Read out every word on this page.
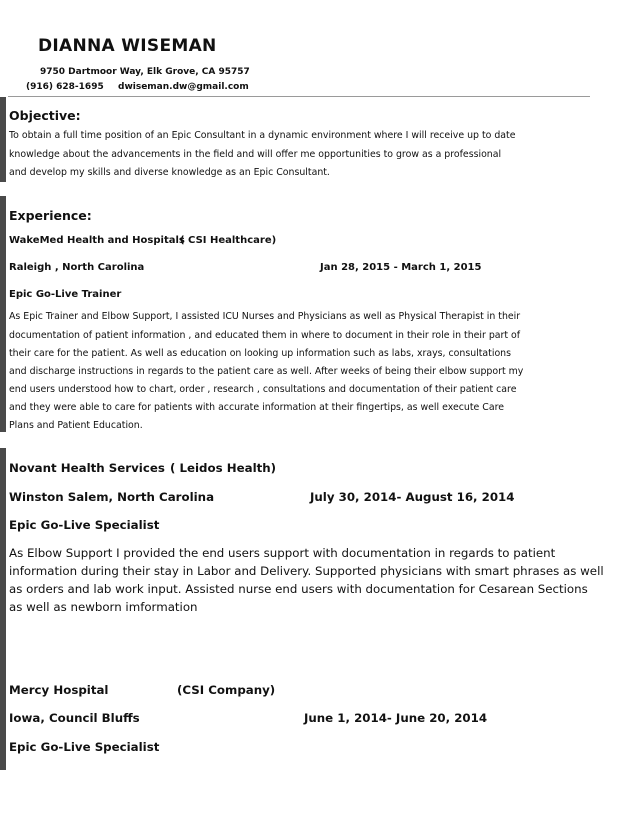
DIANNA WISEMAN
9750 Dartmoor Way, Elk Grove, CA 95757
(916) 628-1695 dwiseman.dw@gmail.com
Objective:
To obtain a full time position of an Epic Consultant in a dynamic environment where I will receive up to date
knowledge about the advancements in the field and will offer me opportunities to grow as a professional
and develop my skills and diverse knowledge as an Epic Consultant.
Experience:
WakeMed Health and Hospitals
( CSI Healthcare)
Raleigh , North Carolina	Jan 28, 2015 - March 1, 2015
Epic Go-Live Trainer
As Epic Trainer and Elbow Support, I assisted ICU Nurses and Physicians as well as Physical Therapist in their
documentation of patient information , and educated them in where to document in their role in their part of
their care for the patient. As well as education on looking up information such as labs, xrays, consultations
and discharge instructions in regards to the patient care as well. After weeks of being their elbow support my
end users understood how to chart, order , research , consultations and documentation of their patient care
and they were able to care for patients with accurate information at their fingertips, as well execute Care
Plans and Patient Education.
Novant Health Services ( Leidos Health)
Winston Salem, North Carolina	July 30, 2014- August 16, 2014
Epic Go-Live Specialist
As Elbow Support I provided the end users support with documentation in regards to patient
information during their stay in Labor and Delivery. Supported physicians with smart phrases as well
as orders and lab work input. Assisted nurse end users with documentation for Cesarean Sections
as well as newborn imformation
Mercy Hospital	(CSI Company)
Iowa, Council Bluffs	June 1, 2014- June 20, 2014
Epic Go-Live Specialist
